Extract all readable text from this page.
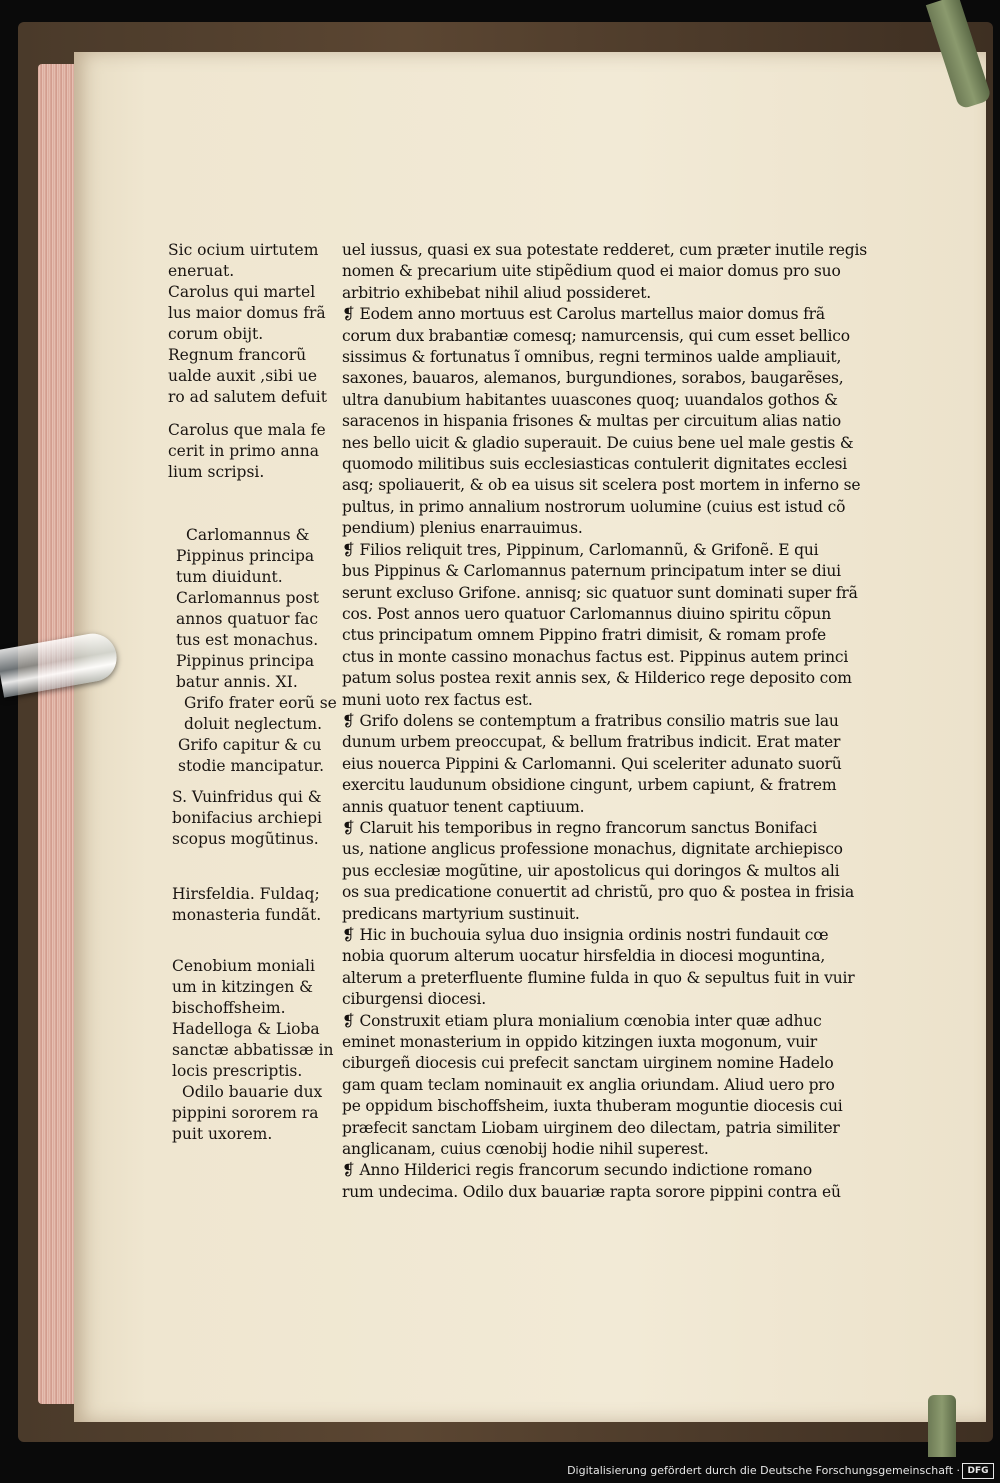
Sic ocium uirtutem
eneruat.
Carolus qui martel
lus maior domus frã
corum obijt.
Regnum francorũ
ualde auxit ,sibi ue
ro ad salutem defuit
Carolus que mala fe
cerit in primo anna
lium scripsi.
Carlomannus &
Pippinus principa
tum diuidunt.
Carlomannus post
annos quatuor fac
tus est monachus.
Pippinus principa
batur annis. XI.
Grifo frater eorũ se
doluit neglectum.
Grifo capitur & cu
stodie mancipatur.
S. Vuinfridus qui &
bonifacius archiepi
scopus mogũtinus.
Hirsfeldia. Fuldaq;
monasteria fundãt.
Cenobium moniali
um in kitzingen &
bischoffsheim.
Hadelloga & Lioba
sanctæ abbatissæ in
locis prescriptis.
Odilo bauarie dux
pippini sororem ra
puit uxorem.
uel iussus, quasi ex sua potestate redderet, cum præter inutile regis
nomen & precarium uite stipẽdium quod ei maior domus pro suo
arbitrio exhibebat nihil aliud possideret.
❡ Eodem anno mortuus est Carolus martellus maior domus frã
corum dux brabantiæ comesq; namurcensis, qui cum esset bellico
sissimus & fortunatus ĩ omnibus, regni terminos ualde ampliauit,
saxones, bauaros, alemanos, burgundiones, sorabos, baugarẽses,
ultra danubium habitantes uuascones quoq; uuandalos gothos &
saracenos in hispania frisones & multas per circuitum alias natio
nes bello uicit & gladio superauit. De cuius bene uel male gestis &
quomodo militibus suis ecclesiasticas contulerit dignitates ecclesi
asq; spoliauerit, & ob ea uisus sit scelera post mortem in inferno se
pultus, in primo annalium nostrorum uolumine (cuius est istud cõ
pendium) plenius enarrauimus.
❡ Filios reliquit tres, Pippinum, Carlomannũ, & Grifonẽ. E qui
bus Pippinus & Carlomannus paternum principatum inter se diui
serunt excluso Grifone. annisq; sic quatuor sunt dominati super frã
cos. Post annos uero quatuor Carlomannus diuino spiritu cõpun
ctus principatum omnem Pippino fratri dimisit, & romam profe
ctus in monte cassino monachus factus est. Pippinus autem princi
patum solus postea rexit annis sex, & Hilderico rege deposito com
muni uoto rex factus est.
❡ Grifo dolens se contemptum a fratribus consilio matris sue lau
dunum urbem preoccupat, & bellum fratribus indicit. Erat mater
eius nouerca Pippini & Carlomanni. Qui sceleriter adunato suorũ
exercitu laudunum obsidione cingunt, urbem capiunt, & fratrem
annis quatuor tenent captiuum.
❡ Claruit his temporibus in regno francorum sanctus Bonifaci
us, natione anglicus professione monachus, dignitate archiepisco
pus ecclesiæ mogũtine, uir apostolicus qui doringos & multos ali
os sua predicatione conuertit ad christũ, pro quo & postea in frisia
predicans martyrium sustinuit.
❡ Hic in buchouia sylua duo insignia ordinis nostri fundauit cœ
nobia quorum alterum uocatur hirsfeldia in diocesi moguntina,
alterum a preterfluente flumine fulda in quo & sepultus fuit in vuir
ciburgensi diocesi.
❡ Construxit etiam plura monialium cœnobia inter quæ adhuc
eminet monasterium in oppido kitzingen iuxta mogonum, vuir
ciburgeñ diocesis cui prefecit sanctam uirginem nomine Hadelo
gam quam teclam nominauit ex anglia oriundam. Aliud uero pro
pe oppidum bischoffsheim, iuxta thuberam moguntie diocesis cui
præfecit sanctam Liobam uirginem deo dilectam, patria similiter
anglicanam, cuius cœnobij hodie nihil superest.
❡ Anno Hilderici regis francorum secundo indictione romano
rum undecima. Odilo dux bauariæ rapta sorore pippini contra eũ
Digitalisierung gefördert durch die Deutsche Forschungsgemeinschaft · DFG
